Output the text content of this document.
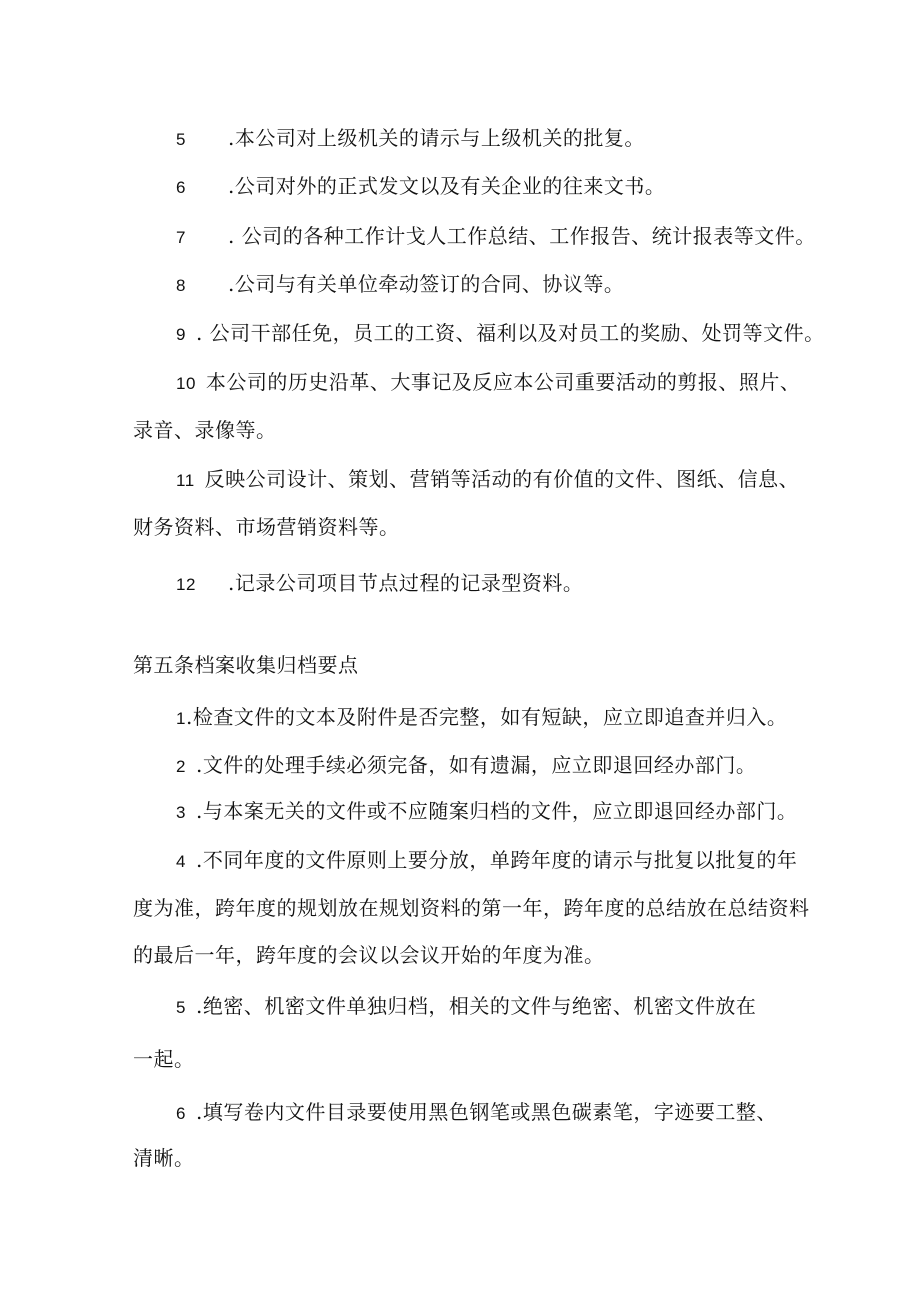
5 .本公司对上级机关的请示与上级机关的批复。
6 .公司对外的正式发文以及有关企业的往来文书。
7 . 公司的各种工作计戈人工作总结、工作报告、统计报表等文件。
8 .公司与有关单位牵动签订的合同、协议等。
9 . 公司干部任免，员工的工资、福利以及对员工的奖励、处罚等文件。
10 本公司的历史沿革、大事记及反应本公司重要活动的剪报、照片、
录音、录像等。
11 反映公司设计、策划、营销等活动的有价值的文件、图纸、信息、
财务资料、市场营销资料等。
12 .记录公司项目节点过程的记录型资料。
第五条档案收集归档要点
1.检查文件的文本及附件是否完整，如有短缺，应立即追查并归入。
2 .文件的处理手续必须完备，如有遗漏，应立即退回经办部门。
3 .与本案无关的文件或不应随案归档的文件，应立即退回经办部门。
4 .不同年度的文件原则上要分放，单跨年度的请示与批复以批复的年
度为准，跨年度的规划放在规划资料的第一年，跨年度的总结放在总结资料
的最后一年，跨年度的会议以会议开始的年度为准。
5 .绝密、机密文件单独归档，相关的文件与绝密、机密文件放在
一起。
6 .填写卷内文件目录要使用黑色钢笔或黑色碳素笔，字迹要工整、
清晰。
